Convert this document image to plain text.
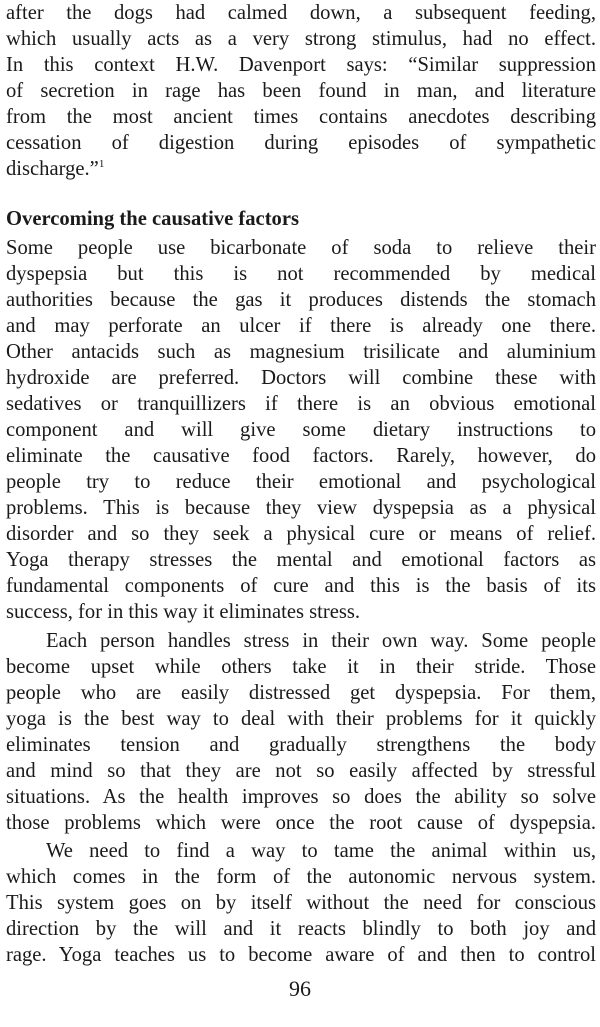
after the dogs had calmed down, a subsequent feeding,
which usually acts as a very strong stimulus, had no effect.
In this context H.W. Davenport says: “Similar suppression
of secretion in rage has been found in man, and literature
from the most ancient times contains anecdotes describing
cessation of digestion during episodes of sympathetic
discharge.”$^1$
Overcoming the causative factors
Some people use bicarbonate of soda to relieve their
dyspepsia but this is not recommended by medical
authorities because the gas it produces distends the stomach
and may perforate an ulcer if there is already one there.
Other antacids such as magnesium trisilicate and aluminium
hydroxide are preferred. Doctors will combine these with
sedatives or tranquillizers if there is an obvious emotional
component and will give some dietary instructions to
eliminate the causative food factors. Rarely, however, do
people try to reduce their emotional and psychological
problems. This is because they view dyspepsia as a physical
disorder and so they seek a physical cure or means of relief.
Yoga therapy stresses the mental and emotional factors as
fundamental components of cure and this is the basis of its
success, for in this way it eliminates stress.
Each person handles stress in their own way. Some people
become upset while others take it in their stride. Those
people who are easily distressed get dyspepsia. For them,
yoga is the best way to deal with their problems for it quickly
eliminates tension and gradually strengthens the body
and mind so that they are not so easily affected by stressful
situations. As the health improves so does the ability so solve
those problems which were once the root cause of dyspepsia.
We need to find a way to tame the animal within us,
which comes in the form of the autonomic nervous system.
This system goes on by itself without the need for conscious
direction by the will and it reacts blindly to both joy and
rage. Yoga teaches us to become aware of and then to control
96
